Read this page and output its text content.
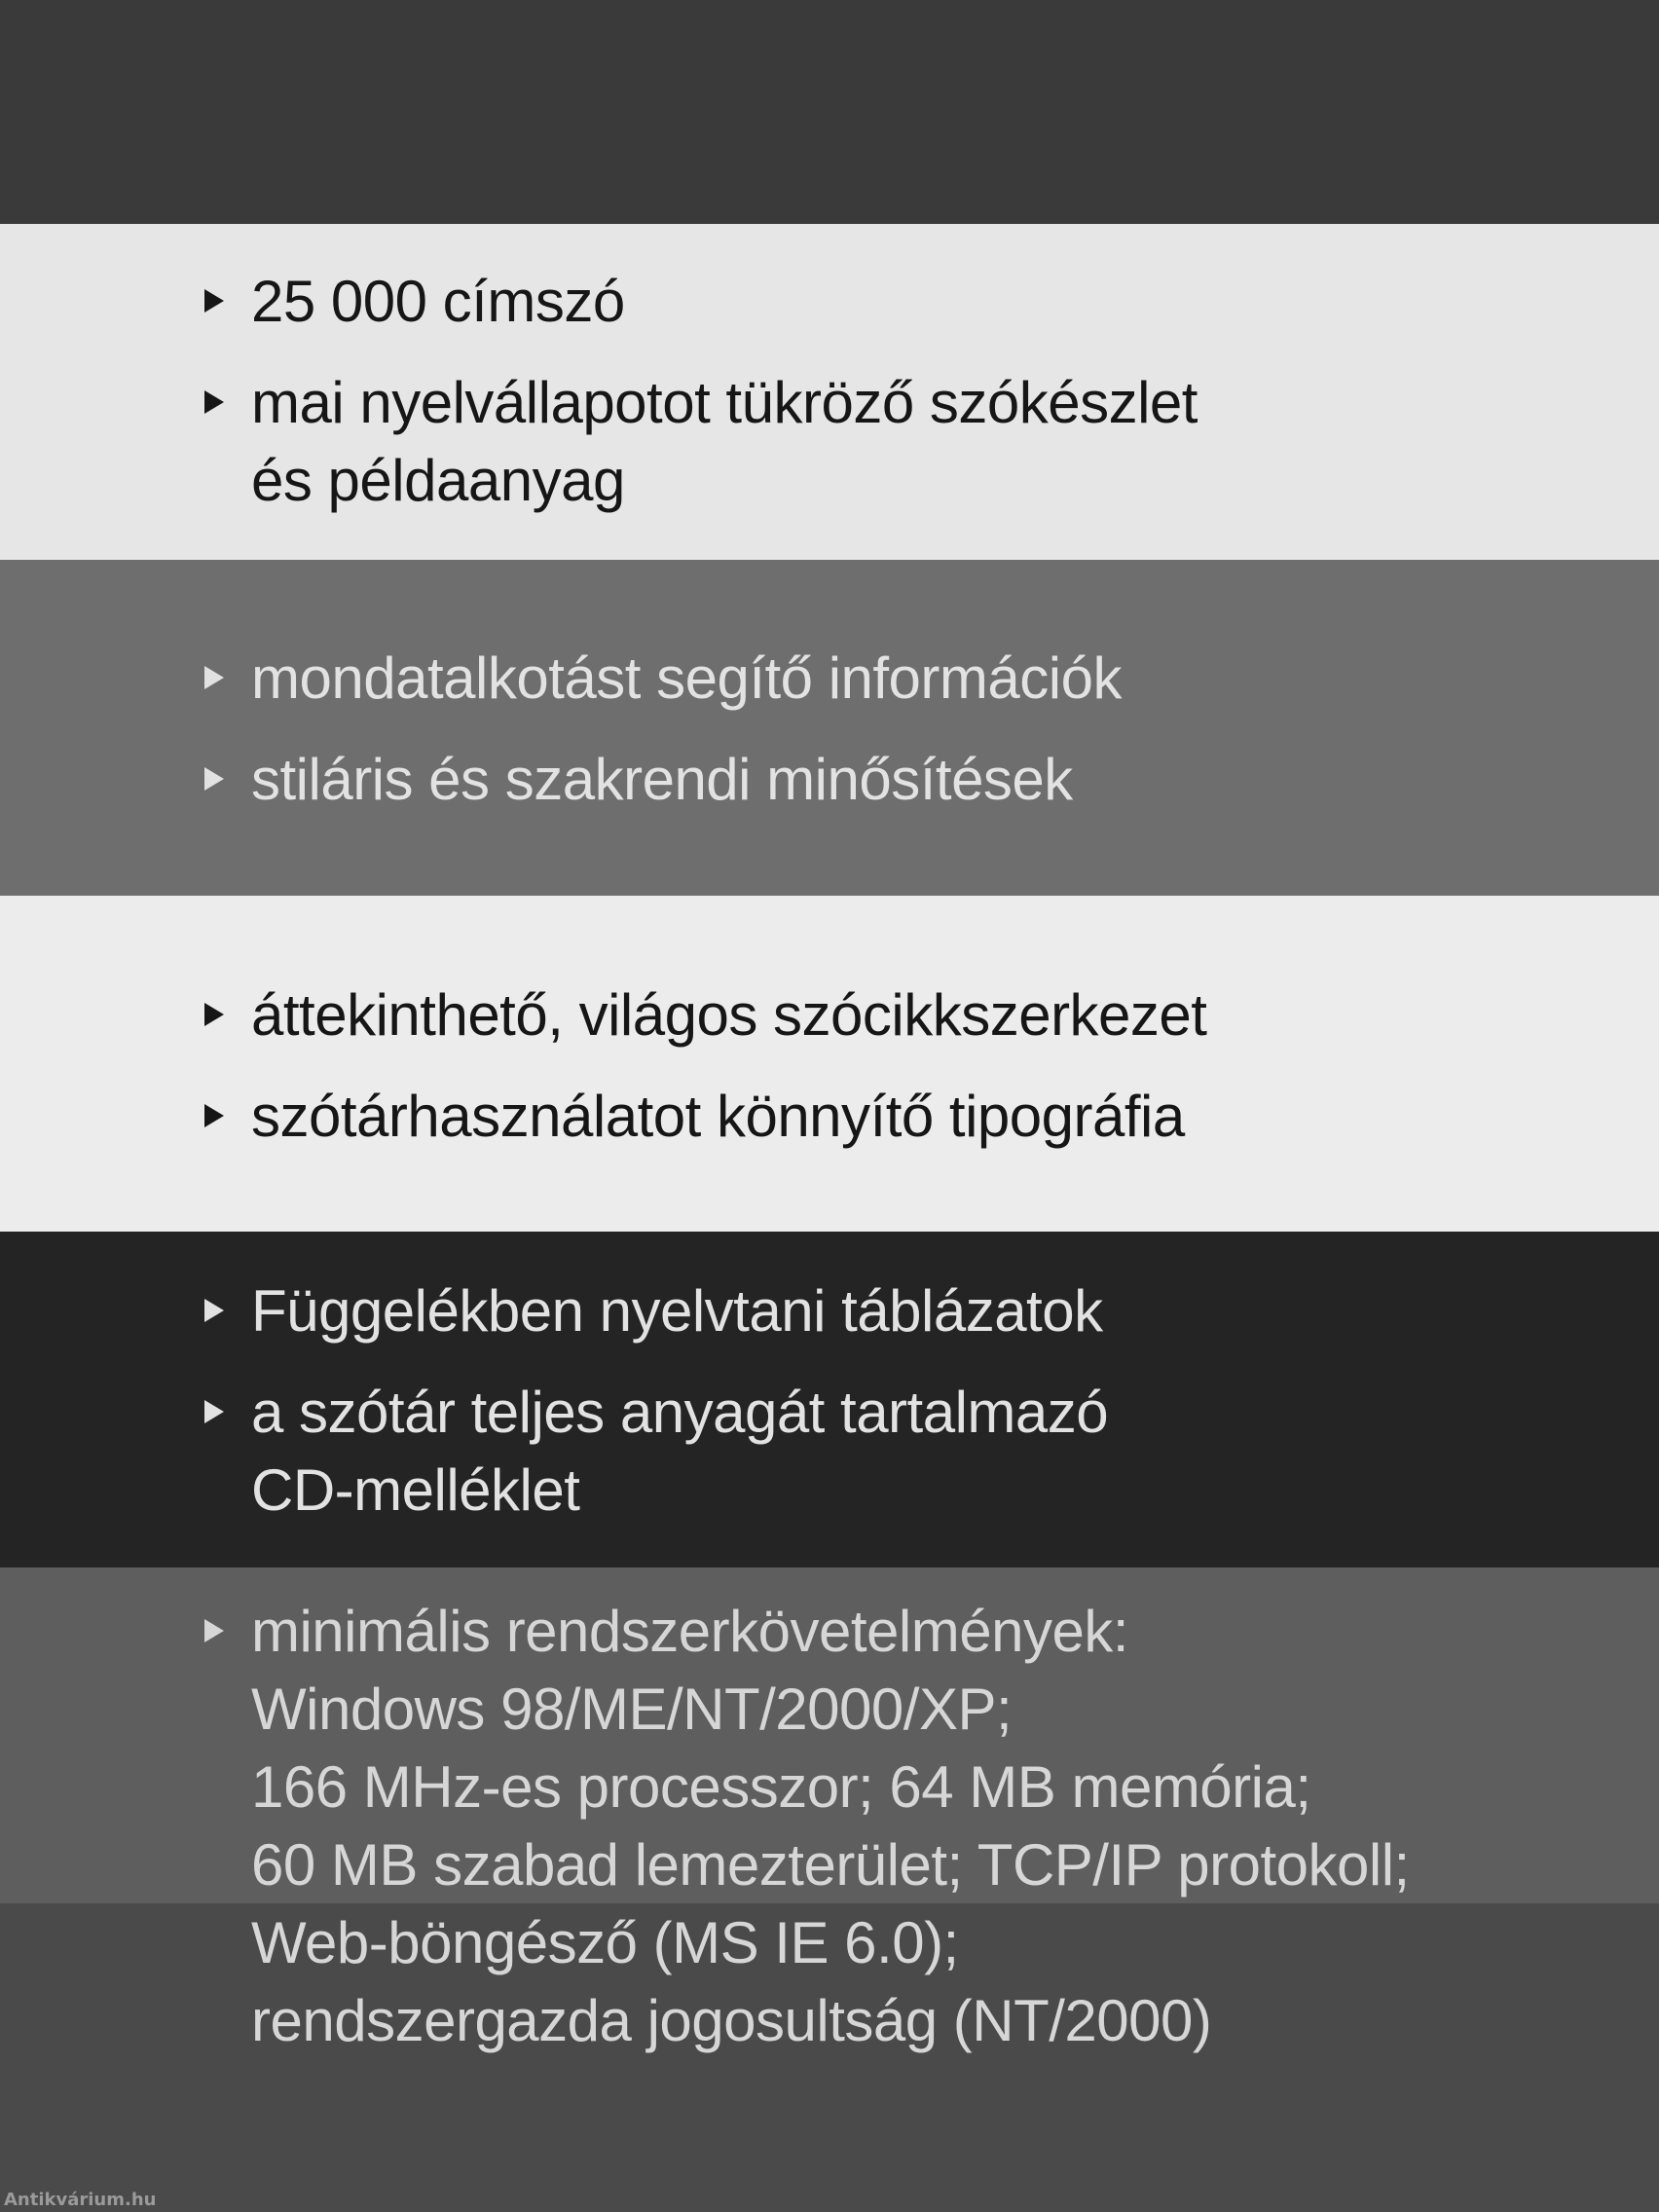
25 000 címszó
mai nyelvállapotot tükröző szókészlet
és példaanyag
mondatalkotást segítő információk
stiláris és szakrendi minősítések
áttekinthető, világos szócikkszerkezet
szótárhasználatot könnyítő tipográfia
Függelékben nyelvtani táblázatok
a szótár teljes anyagát tartalmazó
CD-melléklet
minimális rendszerkövetelmények:
Windows 98/ME/NT/2000/XP;
166 MHz-es processzor; 64 MB memória;
60 MB szabad lemezterület; TCP/IP protokoll;
Web-böngésző (MS IE 6.0);
rendszergazda jogosultság (NT/2000)
Antikvárium.hu
